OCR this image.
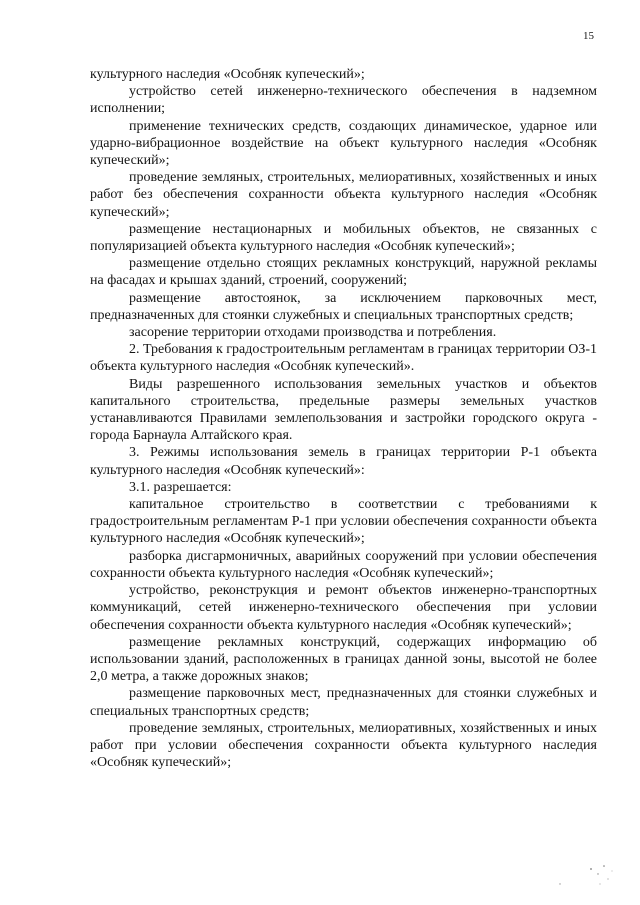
15

культурного наследия «Особняк купеческий»;

устройство сетей инженерно-технического обеспечения в надземном исполнении;

применение технических средств, создающих динамическое, ударное или ударно-вибрационное воздействие на объект культурного наследия «Особняк купеческий»;

проведение земляных, строительных, мелиоративных, хозяйственных и иных работ без обеспечения сохранности объекта культурного наследия «Особняк купеческий»;

размещение нестационарных и мобильных объектов, не связанных с популяризацией объекта культурного наследия «Особняк купеческий»;

размещение отдельно стоящих рекламных конструкций, наружной рекламы на фасадах и крышах зданий, строений, сооружений;

размещение автостоянок, за исключением парковочных мест, предназначенных для стоянки служебных и специальных транспортных средств;

засорение территории отходами производства и потребления.

2. Требования к градостроительным регламентам в границах территории ОЗ-1 объекта культурного наследия «Особняк купеческий».

Виды разрешенного использования земельных участков и объектов капитального строительства, предельные размеры земельных участков устанавливаются Правилами землепользования и застройки городского округа - города Барнаула Алтайского края.

3. Режимы использования земель в границах территории Р-1 объекта культурного наследия «Особняк купеческий»:

3.1. разрешается:

капитальное строительство в соответствии с требованиями к градостроительным регламентам Р-1 при условии обеспечения сохранности объекта культурного наследия «Особняк купеческий»;

разборка дисгармоничных, аварийных сооружений при условии обеспечения сохранности объекта культурного наследия «Особняк купеческий»;

устройство, реконструкция и ремонт объектов инженерно-транспортных коммуникаций, сетей инженерно-технического обеспечения при условии обеспечения сохранности объекта культурного наследия «Особняк купеческий»;

размещение рекламных конструкций, содержащих информацию об использовании зданий, расположенных в границах данной зоны, высотой не более 2,0 метра, а также дорожных знаков;

размещение парковочных мест, предназначенных для стоянки служебных и специальных транспортных средств;

проведение земляных, строительных, мелиоративных, хозяйственных и иных работ при условии обеспечения сохранности объекта культурного наследия «Особняк купеческий»;
